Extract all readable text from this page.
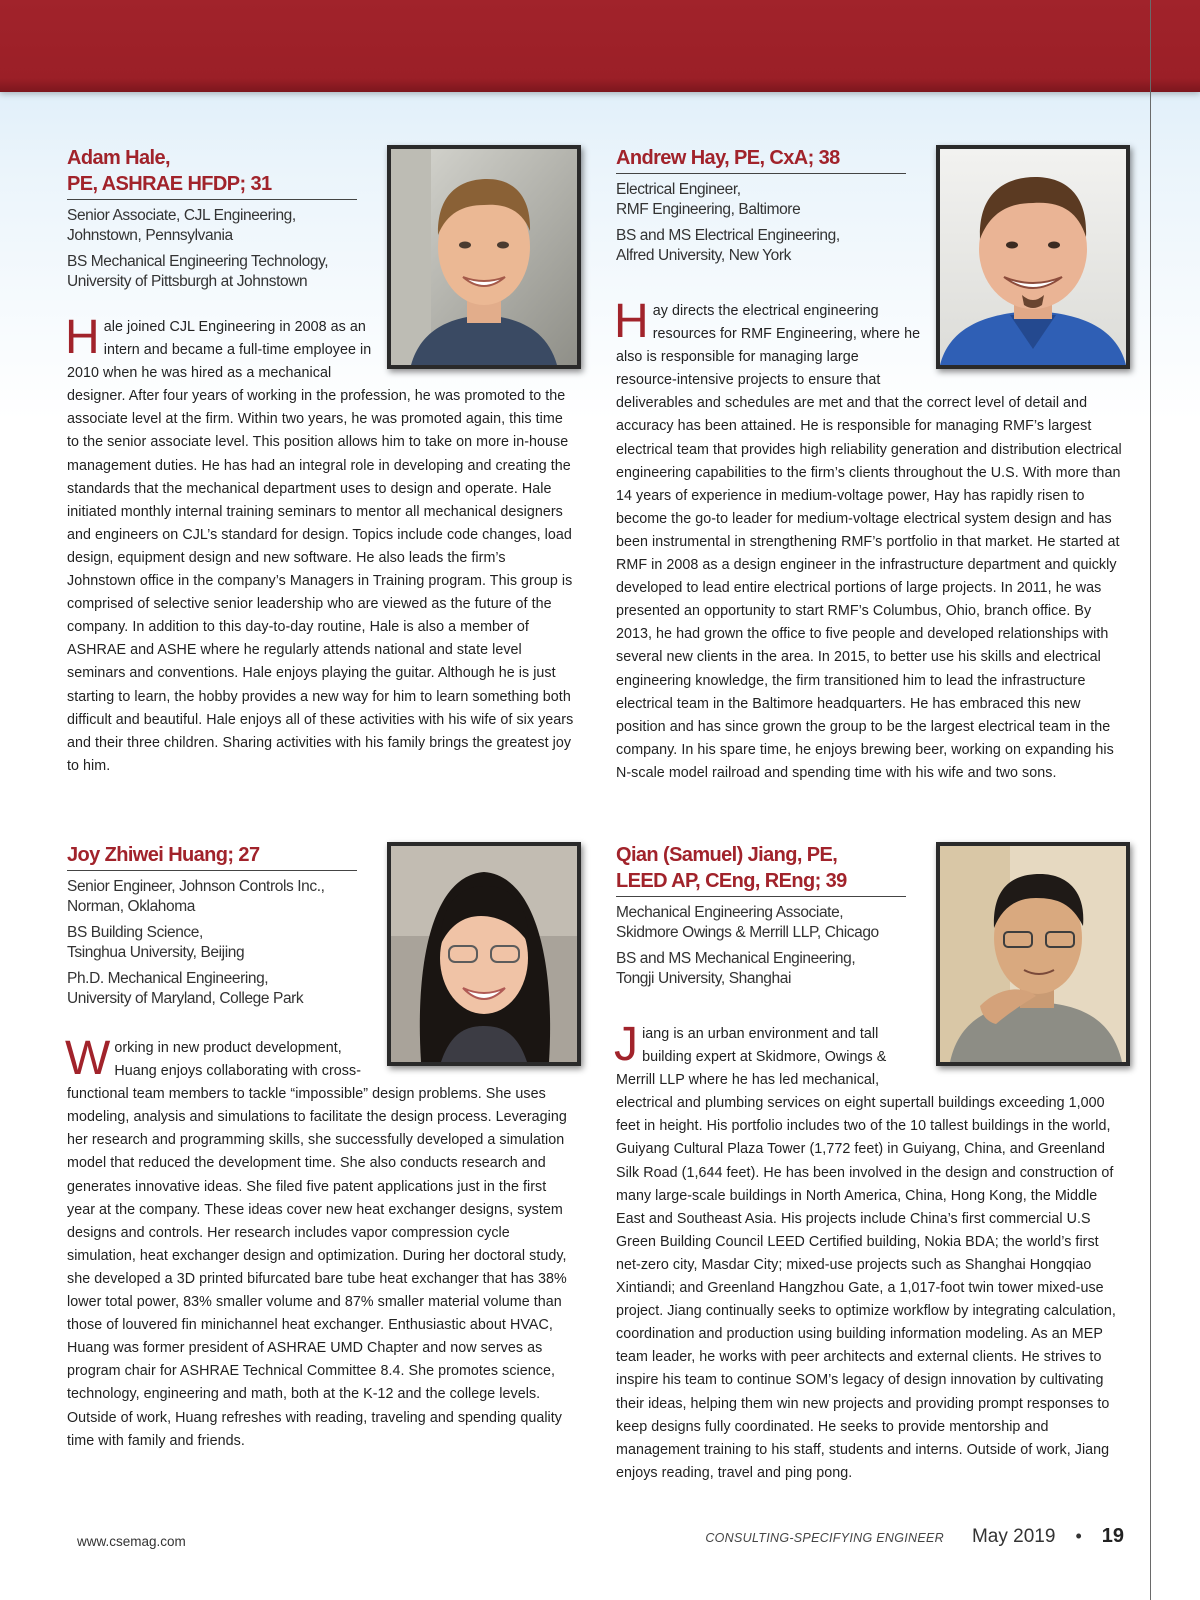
Adam Hale,
PE, ASHRAE HFDP; 31
Senior Associate, CJL Engineering,
Johnstown, Pennsylvania
BS Mechanical Engineering Technology,
University of Pittsburgh at Johnstown
Hale joined CJL Engineering in 2008 as an intern and became a full-time employee in 2010 when he was hired as a mechanical designer. After four years of working in the profession, he was promoted to the associate level at the firm. Within two years, he was promoted again, this time to the senior associate level. This position allows him to take on more in-house management duties. He has had an integral role in developing and creating the standards that the mechanical department uses to design and operate. Hale initiated monthly internal training seminars to mentor all mechanical designers and engineers on CJL’s standard for design. Topics include code changes, load design, equipment design and new software. He also leads the firm’s Johnstown office in the company’s Managers in Training program. This group is comprised of selective senior leadership who are viewed as the future of the company. In addition to this day-to-day routine, Hale is also a member of ASHRAE and ASHE where he regularly attends national and state level seminars and conventions. Hale enjoys playing the guitar. Although he is just starting to learn, the hobby provides a new way for him to learn something both difficult and beautiful. Hale enjoys all of these activities with his wife of six years and their three children. Sharing activities with his family brings the greatest joy to him.
Andrew Hay, PE, CxA; 38
Electrical Engineer,
RMF Engineering, Baltimore
BS and MS Electrical Engineering,
Alfred University, New York
Hay directs the electrical engineering resources for RMF Engineering, where he also is responsible for managing large resource-intensive projects to ensure that deliverables and schedules are met and that the correct level of detail and accuracy has been attained. He is responsible for managing RMF’s largest electrical team that provides high reliability generation and distribution electrical engineering capabilities to the firm’s clients throughout the U.S. With more than 14 years of experience in medium-voltage power, Hay has rapidly risen to become the go-to leader for medium-voltage electrical system design and has been instrumental in strengthening RMF’s portfolio in that market. He started at RMF in 2008 as a design engineer in the infrastructure department and quickly developed to lead entire electrical portions of large projects. In 2011, he was presented an opportunity to start RMF’s Columbus, Ohio, branch office. By 2013, he had grown the office to five people and developed relationships with several new clients in the area. In 2015, to better use his skills and electrical engineering knowledge, the firm transitioned him to lead the infrastructure electrical team in the Baltimore headquarters. He has embraced this new position and has since grown the group to be the largest electrical team in the company. In his spare time, he enjoys brewing beer, working on expanding his N-scale model railroad and spending time with his wife and two sons.
Joy Zhiwei Huang; 27
Senior Engineer, Johnson Controls Inc.,
Norman, Oklahoma
BS Building Science,
Tsinghua University, Beijing
Ph.D. Mechanical Engineering,
University of Maryland, College Park
Working in new product development, Huang enjoys collaborating with cross-functional team members to tackle “impossible” design problems. She uses modeling, analysis and simulations to facilitate the design process. Leveraging her research and programming skills, she successfully developed a simulation model that reduced the development time. She also conducts research and generates innovative ideas. She filed five patent applications just in the first year at the company. These ideas cover new heat exchanger designs, system designs and controls. Her research includes vapor compression cycle simulation, heat exchanger design and optimization. During her doctoral study, she developed a 3D printed bifurcated bare tube heat exchanger that has 38% lower total power, 83% smaller volume and 87% smaller material volume than those of louvered fin minichannel heat exchanger. Enthusiastic about HVAC, Huang was former president of ASHRAE UMD Chapter and now serves as program chair for ASHRAE Technical Committee 8.4. She promotes science, technology, engineering and math, both at the K-12 and the college levels. Outside of work, Huang refreshes with reading, traveling and spending quality time with family and friends.
Qian (Samuel) Jiang, PE,
LEED AP, CEng, REng; 39
Mechanical Engineering Associate,
Skidmore Owings & Merrill LLP, Chicago
BS and MS Mechanical Engineering,
Tongji University, Shanghai
Jiang is an urban environment and tall building expert at Skidmore, Owings & Merrill LLP where he has led mechanical, electrical and plumbing services on eight supertall buildings exceeding 1,000 feet in height. His portfolio includes two of the 10 tallest buildings in the world, Guiyang Cultural Plaza Tower (1,772 feet) in Guiyang, China, and Greenland Silk Road (1,644 feet). He has been involved in the design and construction of many large-scale buildings in North America, China, Hong Kong, the Middle East and Southeast Asia. His projects include China’s first commercial U.S Green Building Council LEED Certified building, Nokia BDA; the world’s first net-zero city, Masdar City; mixed-use projects such as Shanghai Hongqiao Xintiandi; and Greenland Hangzhou Gate, a 1,017-foot twin tower mixed-use project. Jiang continually seeks to optimize workflow by integrating calculation, coordination and production using building information modeling. As an MEP team leader, he works with peer architects and external clients. He strives to inspire his team to continue SOM’s legacy of design innovation by cultivating their ideas, helping them win new projects and providing prompt responses to keep designs fully coordinated. He seeks to provide mentorship and management training to his staff, students and interns. Outside of work, Jiang enjoys reading, travel and ping pong.
www.csemag.com	CONSULTING-SPECIFYING ENGINEER May 2019 • 19
